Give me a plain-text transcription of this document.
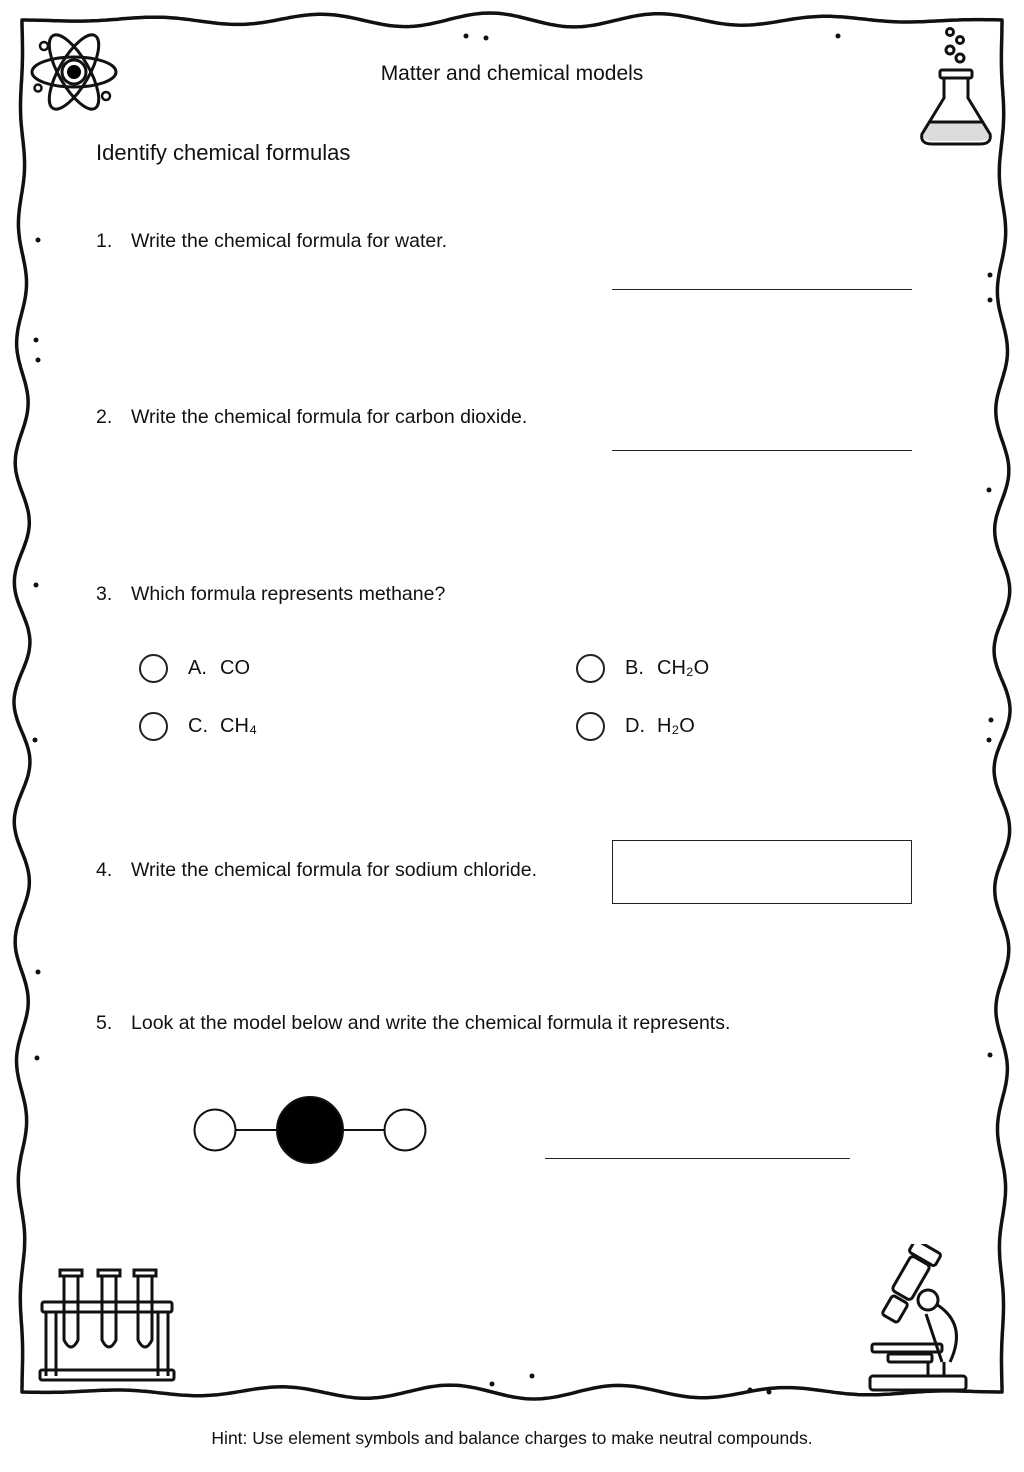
Matter and chemical models
Identify chemical formulas
1. Write the chemical formula for water.
2. Write the chemical formula for carbon dioxide.
3. Which formula represents methane?
A. CO	B. CH₂O
C. CH₄	D. H₂O
4. Write the chemical formula for sodium chloride.
5. Look at the model below and write the chemical formula it represents.
Hint: Use element symbols and balance charges to make neutral compounds.
